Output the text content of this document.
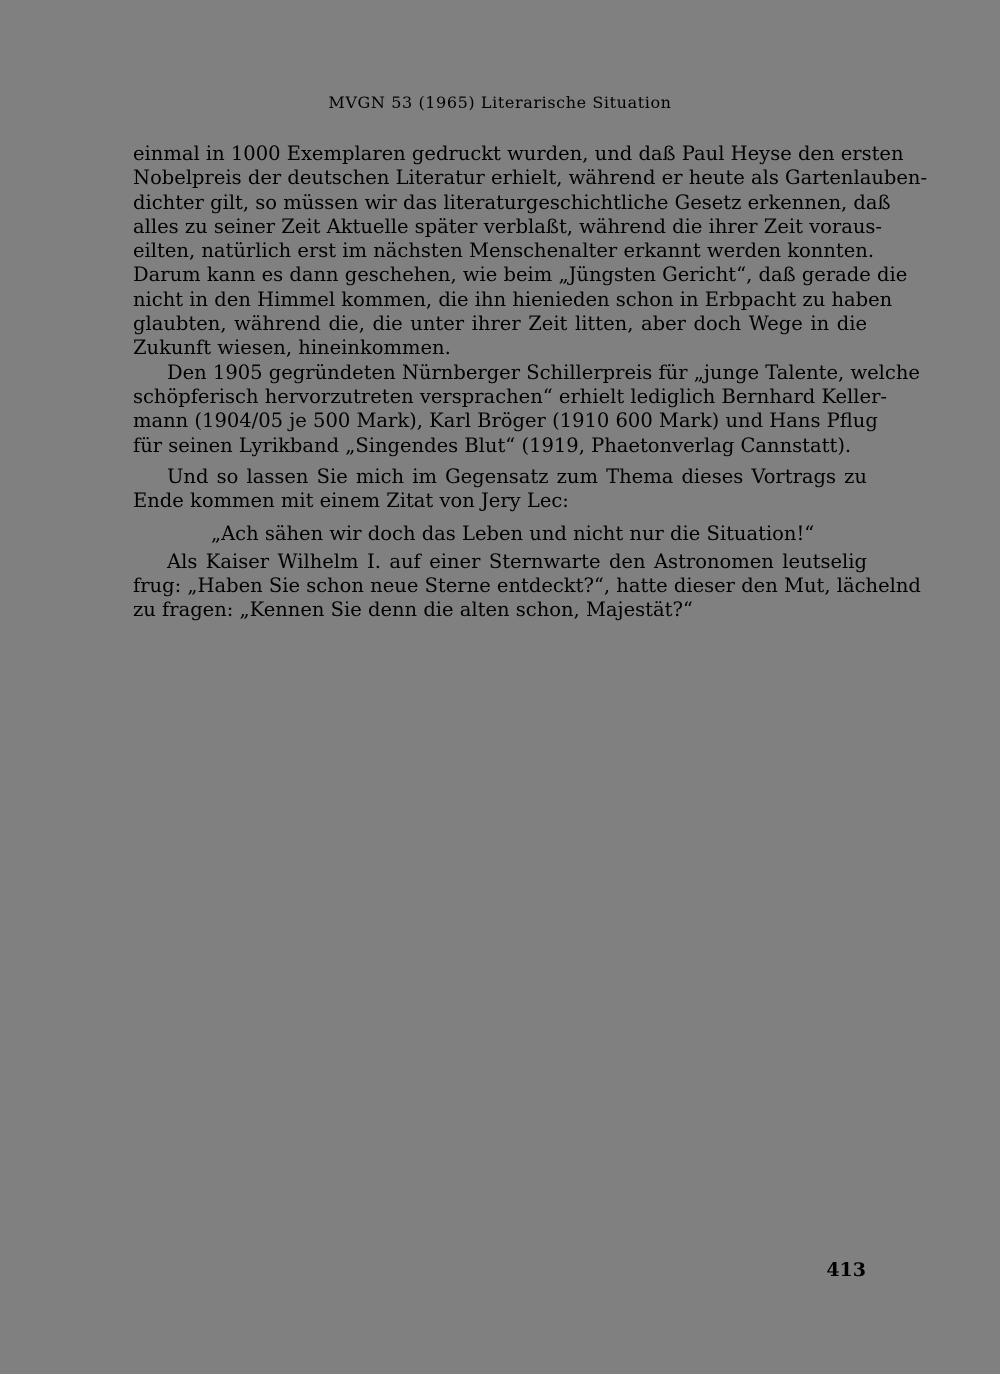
MVGN 53 (1965) Literarische Situation
einmal in 1000 Exemplaren gedruckt wurden, und daß Paul Heyse den ersten
Nobelpreis der deutschen Literatur erhielt, während er heute als Gartenlauben-
dichter gilt, so müssen wir das literaturgeschichtliche Gesetz erkennen, daß
alles zu seiner Zeit Aktuelle später verblaßt, während die ihrer Zeit voraus-
eilten, natürlich erst im nächsten Menschenalter erkannt werden konnten.
Darum kann es dann geschehen, wie beim „Jüngsten Gericht“, daß gerade die
nicht in den Himmel kommen, die ihn hienieden schon in Erbpacht zu haben
glaubten, während die, die unter ihrer Zeit litten, aber doch Wege in die
Zukunft wiesen, hineinkommen.
Den 1905 gegründeten Nürnberger Schillerpreis für „junge Talente, welche
schöpferisch hervorzutreten versprachen“ erhielt lediglich Bernhard Keller-
mann (1904/05 je 500 Mark), Karl Bröger (1910 600 Mark) und Hans Pflug
für seinen Lyrikband „Singendes Blut“ (1919, Phaetonverlag Cannstatt).
Und so lassen Sie mich im Gegensatz zum Thema dieses Vortrags zu
Ende kommen mit einem Zitat von Jery Lec:
„Ach sähen wir doch das Leben und nicht nur die Situation!“
Als Kaiser Wilhelm I. auf einer Sternwarte den Astronomen leutselig
frug: „Haben Sie schon neue Sterne entdeckt?“, hatte dieser den Mut, lächelnd
zu fragen: „Kennen Sie denn die alten schon, Majestät?“
413
